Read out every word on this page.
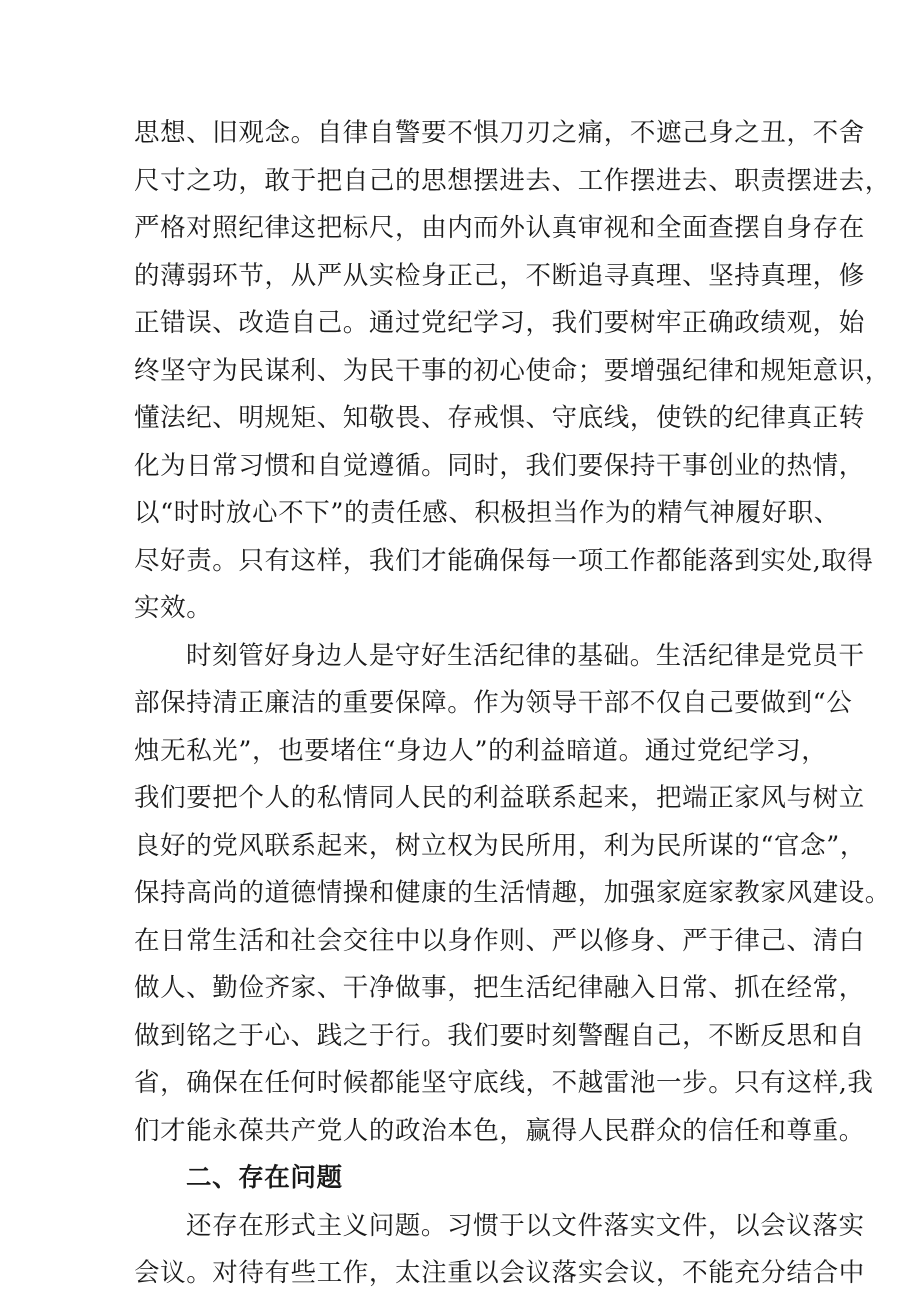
思想、旧观念。自律自警要不惧刀刃之痛，不遮己身之丑，不舍
尺寸之功，敢于把自己的思想摆进去、工作摆进去、职责摆进去，
严格对照纪律这把标尺，由内而外认真审视和全面查摆自身存在
的薄弱环节，从严从实检身正己，不断追寻真理、坚持真理，修
正错误、改造自己。通过党纪学习，我们要树牢正确政绩观，始
终坚守为民谋利、为民干事的初心使命；要增强纪律和规矩意识，
懂法纪、明规矩、知敬畏、存戒惧、守底线，使铁的纪律真正转
化为日常习惯和自觉遵循。同时，我们要保持干事创业的热情，
以“时时放心不下”的责任感、积极担当作为的精气神履好职、
尽好责。只有这样，我们才能确保每一项工作都能落到实处,取得
实效。
时刻管好身边人是守好生活纪律的基础。生活纪律是党员干
部保持清正廉洁的重要保障。作为领导干部不仅自己要做到“公
烛无私光”，也要堵住“身边人”的利益暗道。通过党纪学习，
我们要把个人的私情同人民的利益联系起来，把端正家风与树立
良好的党风联系起来，树立权为民所用，利为民所谋的“官念”，
保持高尚的道德情操和健康的生活情趣，加强家庭家教家风建设。
在日常生活和社会交往中以身作则、严以修身、严于律己、清白
做人、勤俭齐家、干净做事，把生活纪律融入日常、抓在经常，
做到铭之于心、践之于行。我们要时刻警醒自己，不断反思和自
省，确保在任何时候都能坚守底线，不越雷池一步。只有这样,我
们才能永葆共产党人的政治本色，赢得人民群众的信任和尊重。
二、存在问题
还存在形式主义问题。习惯于以文件落实文件，以会议落实
会议。对待有些工作，太注重以会议落实会议，不能充分结合中
